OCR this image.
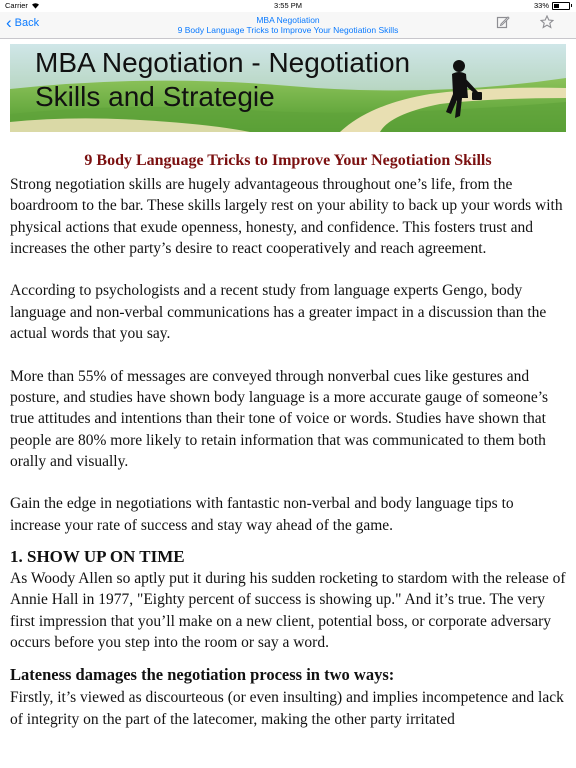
Carrier	3:55 PM	33%
‹ Back	MBA Negotiation
9 Body Language Tricks to Improve Your Negotiation Skills
MBA Negotiation - Negotiation
Skills and Strategie
9 Body Language Tricks to Improve Your Negotiation Skills

Strong negotiation skills are hugely advantageous throughout one’s life, from the boardroom to the bar. These skills largely rest on your ability to back up your words with physical actions that exude openness, honesty, and confidence. This fosters trust and increases the other party’s desire to react cooperatively and reach agreement.

According to psychologists and a recent study from language experts Gengo, body language and non-verbal communications has a greater impact in a discussion than the actual words that you say.

More than 55% of messages are conveyed through nonverbal cues like gestures and posture, and studies have shown body language is a more accurate gauge of someone’s true attitudes and intentions than their tone of voice or words. Studies have shown that people are 80% more likely to retain information that was communicated to them both orally and visually.

Gain the edge in negotiations with fantastic non-verbal and body language tips to increase your rate of success and stay way ahead of the game.

1. SHOW UP ON TIME

As Woody Allen so aptly put it during his sudden rocketing to stardom with the release of Annie Hall in 1977, "Eighty percent of success is showing up." And it’s true. The very first impression that you’ll make on a new client, potential boss, or corporate adversary occurs before you step into the room or say a word.

Lateness damages the negotiation process in two ways:

Firstly, it’s viewed as discourteous (or even insulting) and implies incompetence and lack of integrity on the part of the latecomer, making the other party irritated
